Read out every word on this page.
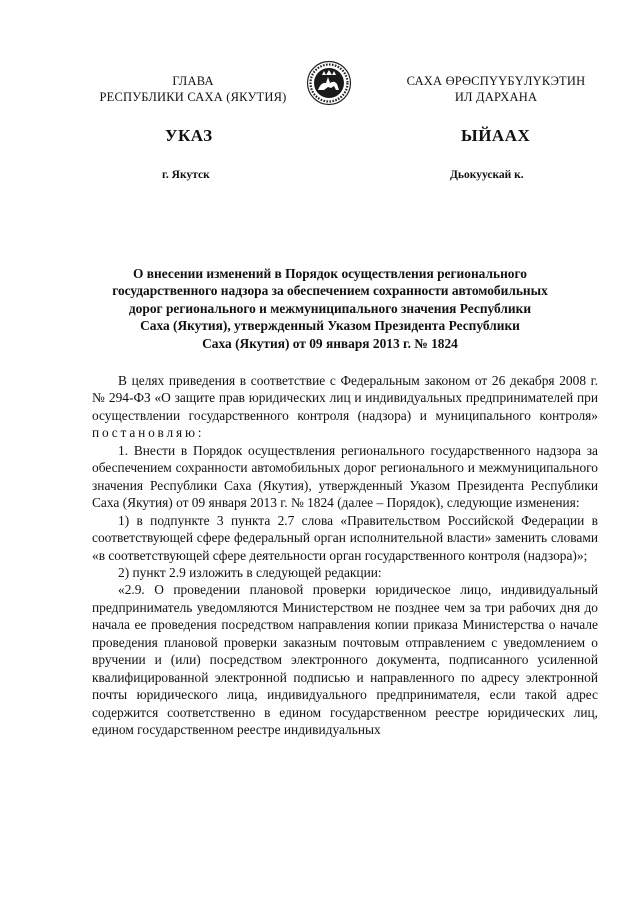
ГЛАВА
РЕСПУБЛИКИ САХА (ЯКУТИЯ)
САХА ӨРӨСПҮҮБҮЛҮКЭТИН
ИЛ ДАРХАНА
УКАЗ	ЫЙААХ
г. Якутск	Дьокуускай к.
О внесении изменений в Порядок осуществления регионального
государственного надзора за обеспечением сохранности автомобильных
дорог регионального и межмуниципального значения Республики
Саха (Якутия), утвержденный Указом Президента Республики
Саха (Якутия) от 09 января 2013 г. № 1824

В целях приведения в соответствие с Федеральным законом от 26 декабря 2008 г. № 294-ФЗ «О защите прав юридических лиц и индивидуальных предпринимателей при осуществлении государственного контроля (надзора) и муниципального контроля» постановляю:

1. Внести в Порядок осуществления регионального государственного надзора за обеспечением сохранности автомобильных дорог регионального и межмуниципального значения Республики Саха (Якутия), утвержденный Указом Президента Республики Саха (Якутия) от 09 января 2013 г. № 1824 (далее – Порядок), следующие изменения:

1) в подпункте 3 пункта 2.7 слова «Правительством Российской Федерации в соответствующей сфере федеральный орган исполнительной власти» заменить словами «в соответствующей сфере деятельности орган государственного контроля (надзора)»;

2) пункт 2.9 изложить в следующей редакции:

«2.9. О проведении плановой проверки юридическое лицо, индивидуальный предприниматель уведомляются Министерством не позднее чем за три рабочих дня до начала ее проведения посредством направления копии приказа Министерства о начале проведения плановой проверки заказным почтовым отправлением с уведомлением о вручении и (или) посредством электронного документа, подписанного усиленной квалифицированной электронной подписью и направленного по адресу электронной почты юридического лица, индивидуального предпринимателя, если такой адрес содержится соответственно в едином государственном реестре юридических лиц, едином государственном реестре индивидуальных
